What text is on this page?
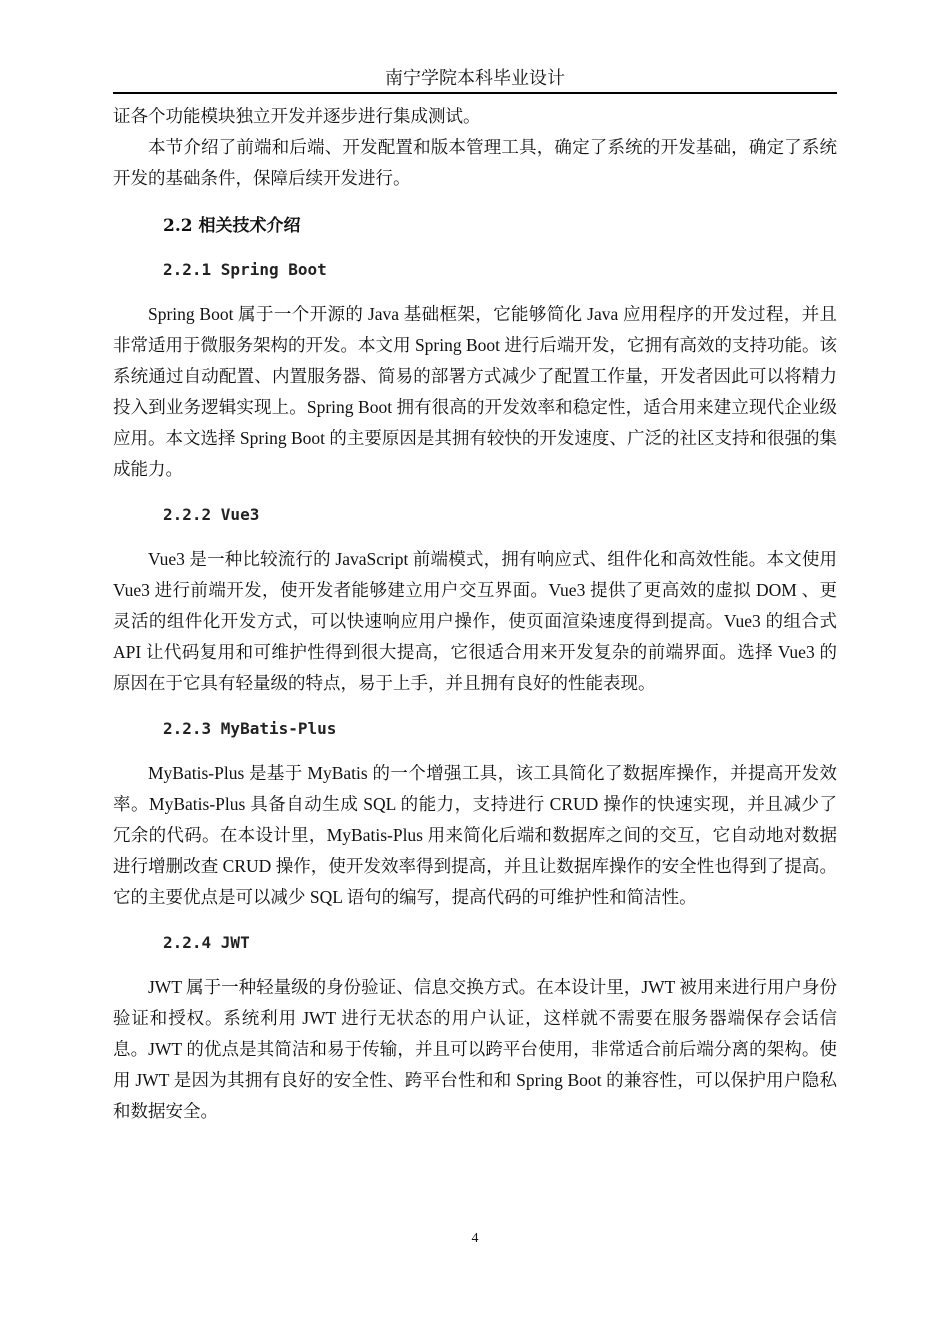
南宁学院本科毕业设计

证各个功能模块独立开发并逐步进行集成测试。

本节介绍了前端和后端、开发配置和版本管理工具，确定了系统的开发基础，确定了系统开发的基础条件，保障后续开发进行。

2.2 相关技术介绍
2.2.1 Spring Boot

Spring Boot 属于一个开源的 Java 基础框架，它能够简化 Java 应用程序的开发过程，并且非常适用于微服务架构的开发。本文用 Spring Boot 进行后端开发，它拥有高效的支持功能。该系统通过自动配置、内置服务器、简易的部署方式减少了配置工作量，开发者因此可以将精力投入到业务逻辑实现上。Spring Boot 拥有很高的开发效率和稳定性，适合用来建立现代企业级应用。本文选择 Spring Boot 的主要原因是其拥有较快的开发速度、广泛的社区支持和很强的集成能力。

2.2.2 Vue3

Vue3 是一种比较流行的 JavaScript 前端模式，拥有响应式、组件化和高效性能。本文使用 Vue3 进行前端开发，使开发者能够建立用户交互界面。Vue3 提供了更高效的虚拟 DOM 、更灵活的组件化开发方式，可以快速响应用户操作，使页面渲染速度得到提高。Vue3 的组合式 API 让代码复用和可维护性得到很大提高，它很适合用来开发复杂的前端界面。选择 Vue3 的原因在于它具有轻量级的特点，易于上手，并且拥有良好的性能表现。

2.2.3 MyBatis-Plus

MyBatis-Plus 是基于 MyBatis 的一个增强工具，该工具简化了数据库操作，并提高开发效率。MyBatis-Plus 具备自动生成 SQL 的能力，支持进行 CRUD 操作的快速实现，并且减少了冗余的代码。在本设计里，MyBatis-Plus 用来简化后端和数据库之间的交互，它自动地对数据进行增删改查 CRUD 操作，使开发效率得到提高，并且让数据库操作的安全性也得到了提高。它的主要优点是可以减少 SQL 语句的编写，提高代码的可维护性和简洁性。

2.2.4 JWT

JWT 属于一种轻量级的身份验证、信息交换方式。在本设计里，JWT 被用来进行用户身份验证和授权。系统利用 JWT 进行无状态的用户认证，这样就不需要在服务器端保存会话信息。JWT 的优点是其简洁和易于传输，并且可以跨平台使用，非常适合前后端分离的架构。使用 JWT 是因为其拥有良好的安全性、跨平台性和和 Spring Boot 的兼容性，可以保护用户隐私和数据安全。

4
